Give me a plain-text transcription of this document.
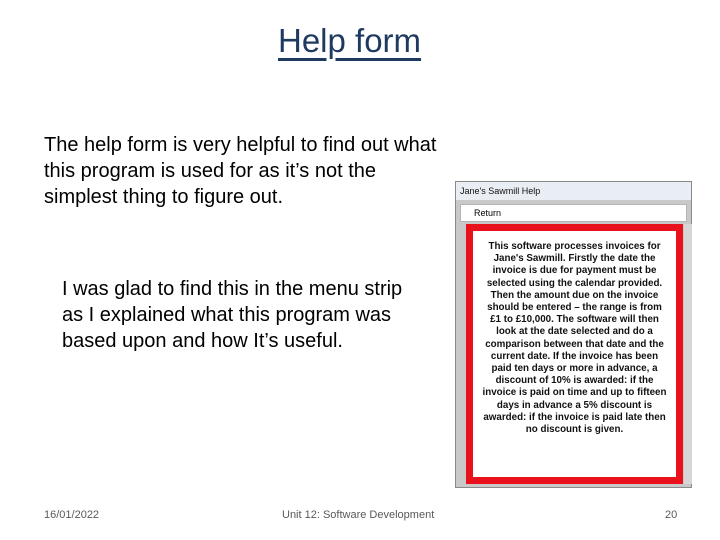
Help form
The help form is very helpful to find out what this program is used for as it’s not the simplest thing to figure out.
I was glad to find this in the menu strip as I explained what this program was based upon and how It’s useful.
Jane's Sawmill Help
Return
This software processes invoices for Jane's Sawmill. Firstly the date the invoice is due for payment must be selected using the calendar provided. Then the amount due on the invoice should be entered – the range is from £1 to £10,000. The software will then look at the date selected and do a comparison between that date and the current date. If the invoice has been paid ten days or more in advance, a discount of 10% is awarded: if the invoice is paid on time and up to fifteen days in advance a 5% discount is awarded: if the invoice is paid late then no discount is given.
16/01/2022	Unit 12: Software Development	20
